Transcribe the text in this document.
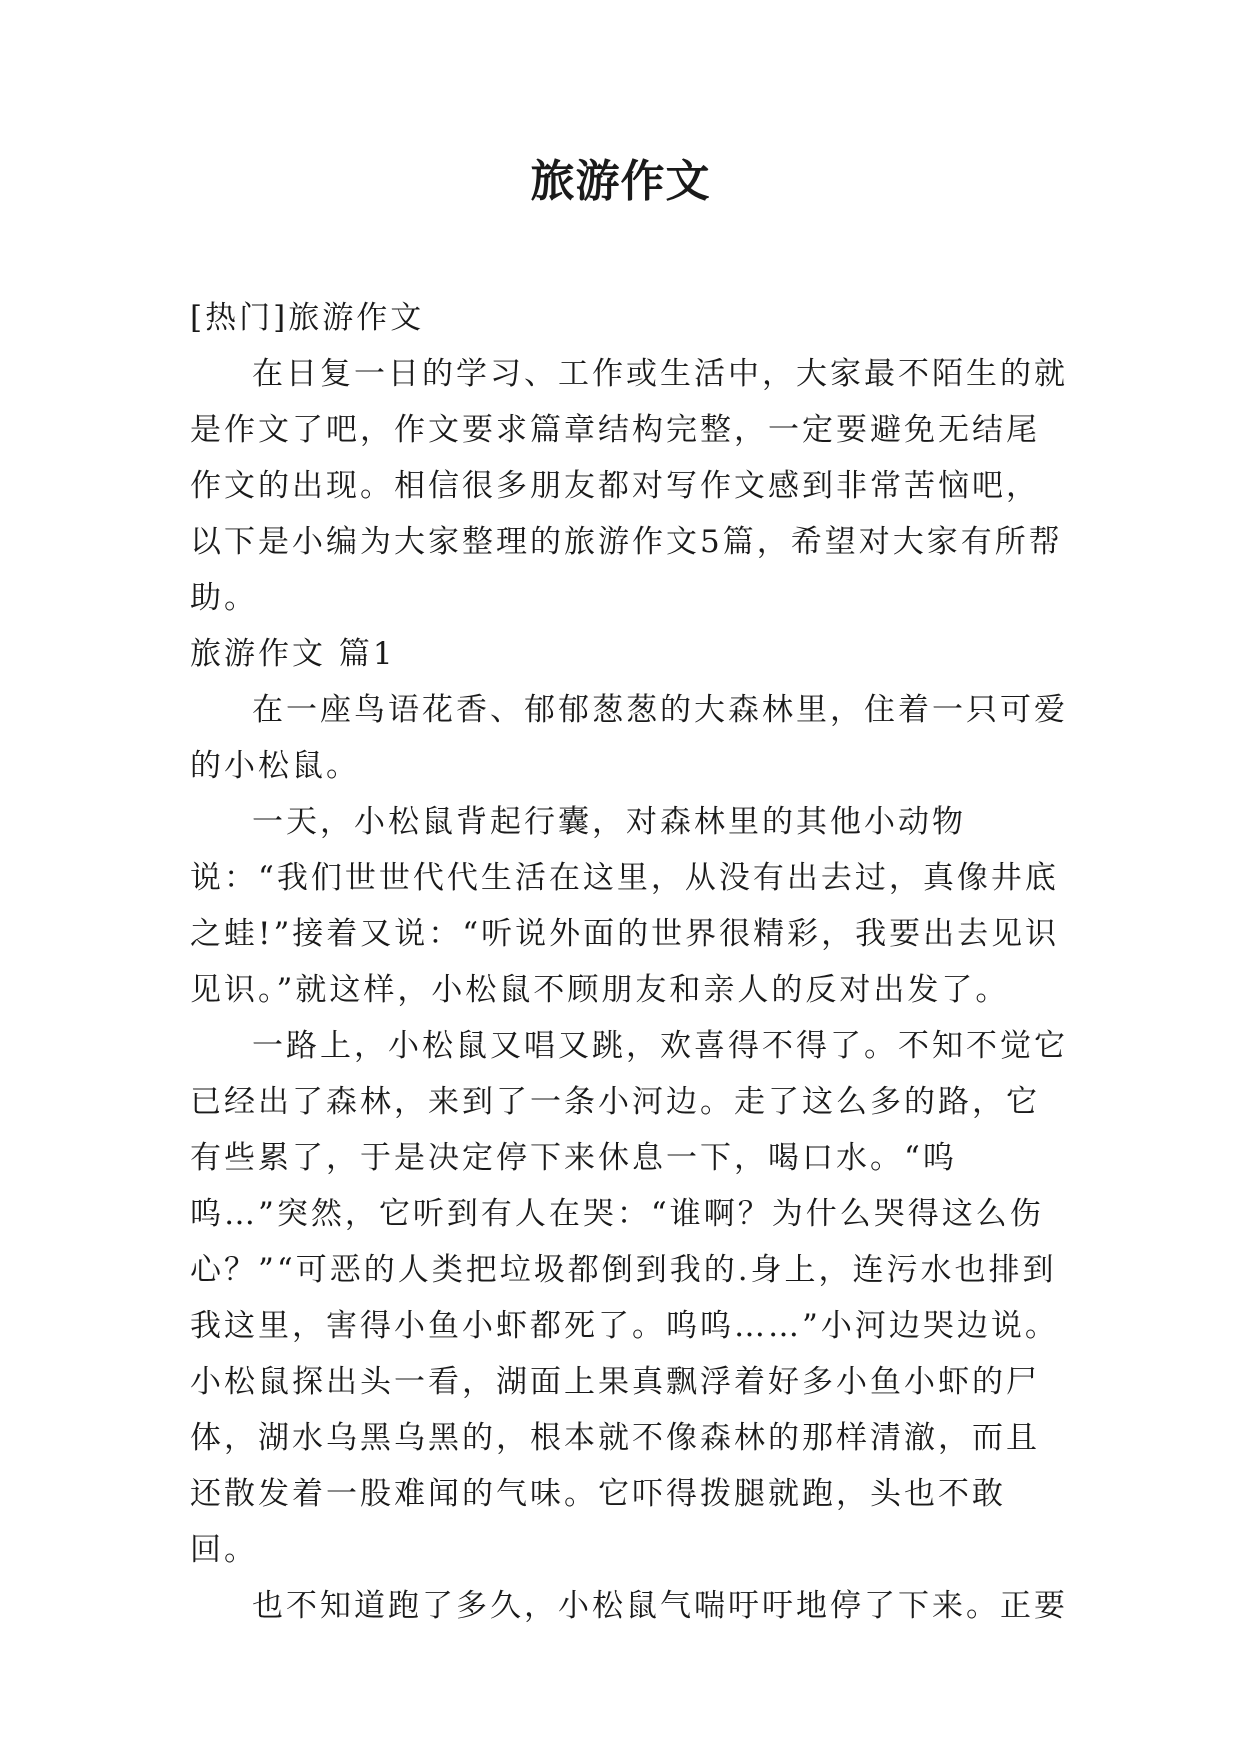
旅游作文

[热门]旅游作文

在日复一日的学习、工作或生活中，大家最不陌生的就是作文了吧，作文要求篇章结构完整，一定要避免无结尾作文的出现。相信很多朋友都对写作文感到非常苦恼吧，以下是小编为大家整理的旅游作文5篇，希望对大家有所帮助。

旅游作文 篇1

在一座鸟语花香、郁郁葱葱的大森林里，住着一只可爱的小松鼠。

一天，小松鼠背起行囊，对森林里的其他小动物说：“我们世世代代生活在这里，从没有出去过，真像井底之蛙!”接着又说：“听说外面的世界很精彩，我要出去见识见识。”就这样，小松鼠不顾朋友和亲人的反对出发了。

一路上，小松鼠又唱又跳，欢喜得不得了。不知不觉它已经出了森林，来到了一条小河边。走了这么多的路，它有些累了，于是决定停下来休息一下，喝口水。“呜呜…”突然，它听到有人在哭：“谁啊？为什么哭得这么伤心？”“可恶的人类把垃圾都倒到我的.身上，连污水也排到我这里，害得小鱼小虾都死了。呜呜……”小河边哭边说。小松鼠探出头一看，湖面上果真飘浮着好多小鱼小虾的尸体，湖水乌黑乌黑的，根本就不像森林的那样清澈，而且还散发着一股难闻的气味。它吓得拨腿就跑，头也不敢回。

也不知道跑了多久，小松鼠气喘吁吁地停了下来。正要
